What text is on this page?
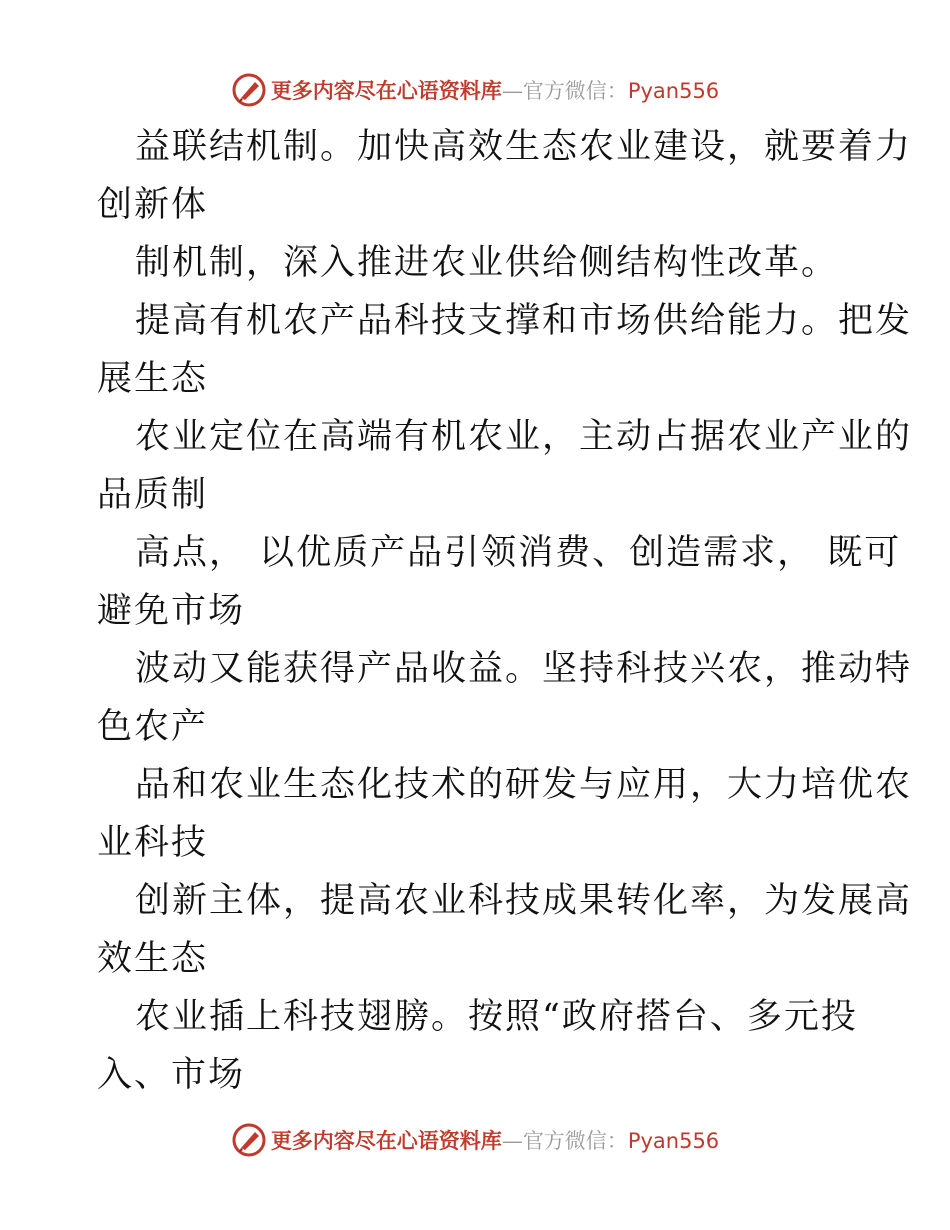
更多内容尽在心语资料库—官方微信：Pyan556
益联结机制。加快高效生态农业建设，就要着力
创新体
制机制，深入推进农业供给侧结构性改革。
提高有机农产品科技支撑和市场供给能力。把发
展生态
农业定位在高端有机农业，主动占据农业产业的
品质制
高点， 以优质产品引领消费、创造需求， 既可
避免市场
波动又能获得产品收益。坚持科技兴农，推动特
色农产
品和农业生态化技术的研发与应用，大力培优农
业科技
创新主体，提高农业科技成果转化率，为发展高
效生态
农业插上科技翅膀。按照“政府搭台、多元投
入、市场
更多内容尽在心语资料库—官方微信：Pyan556
